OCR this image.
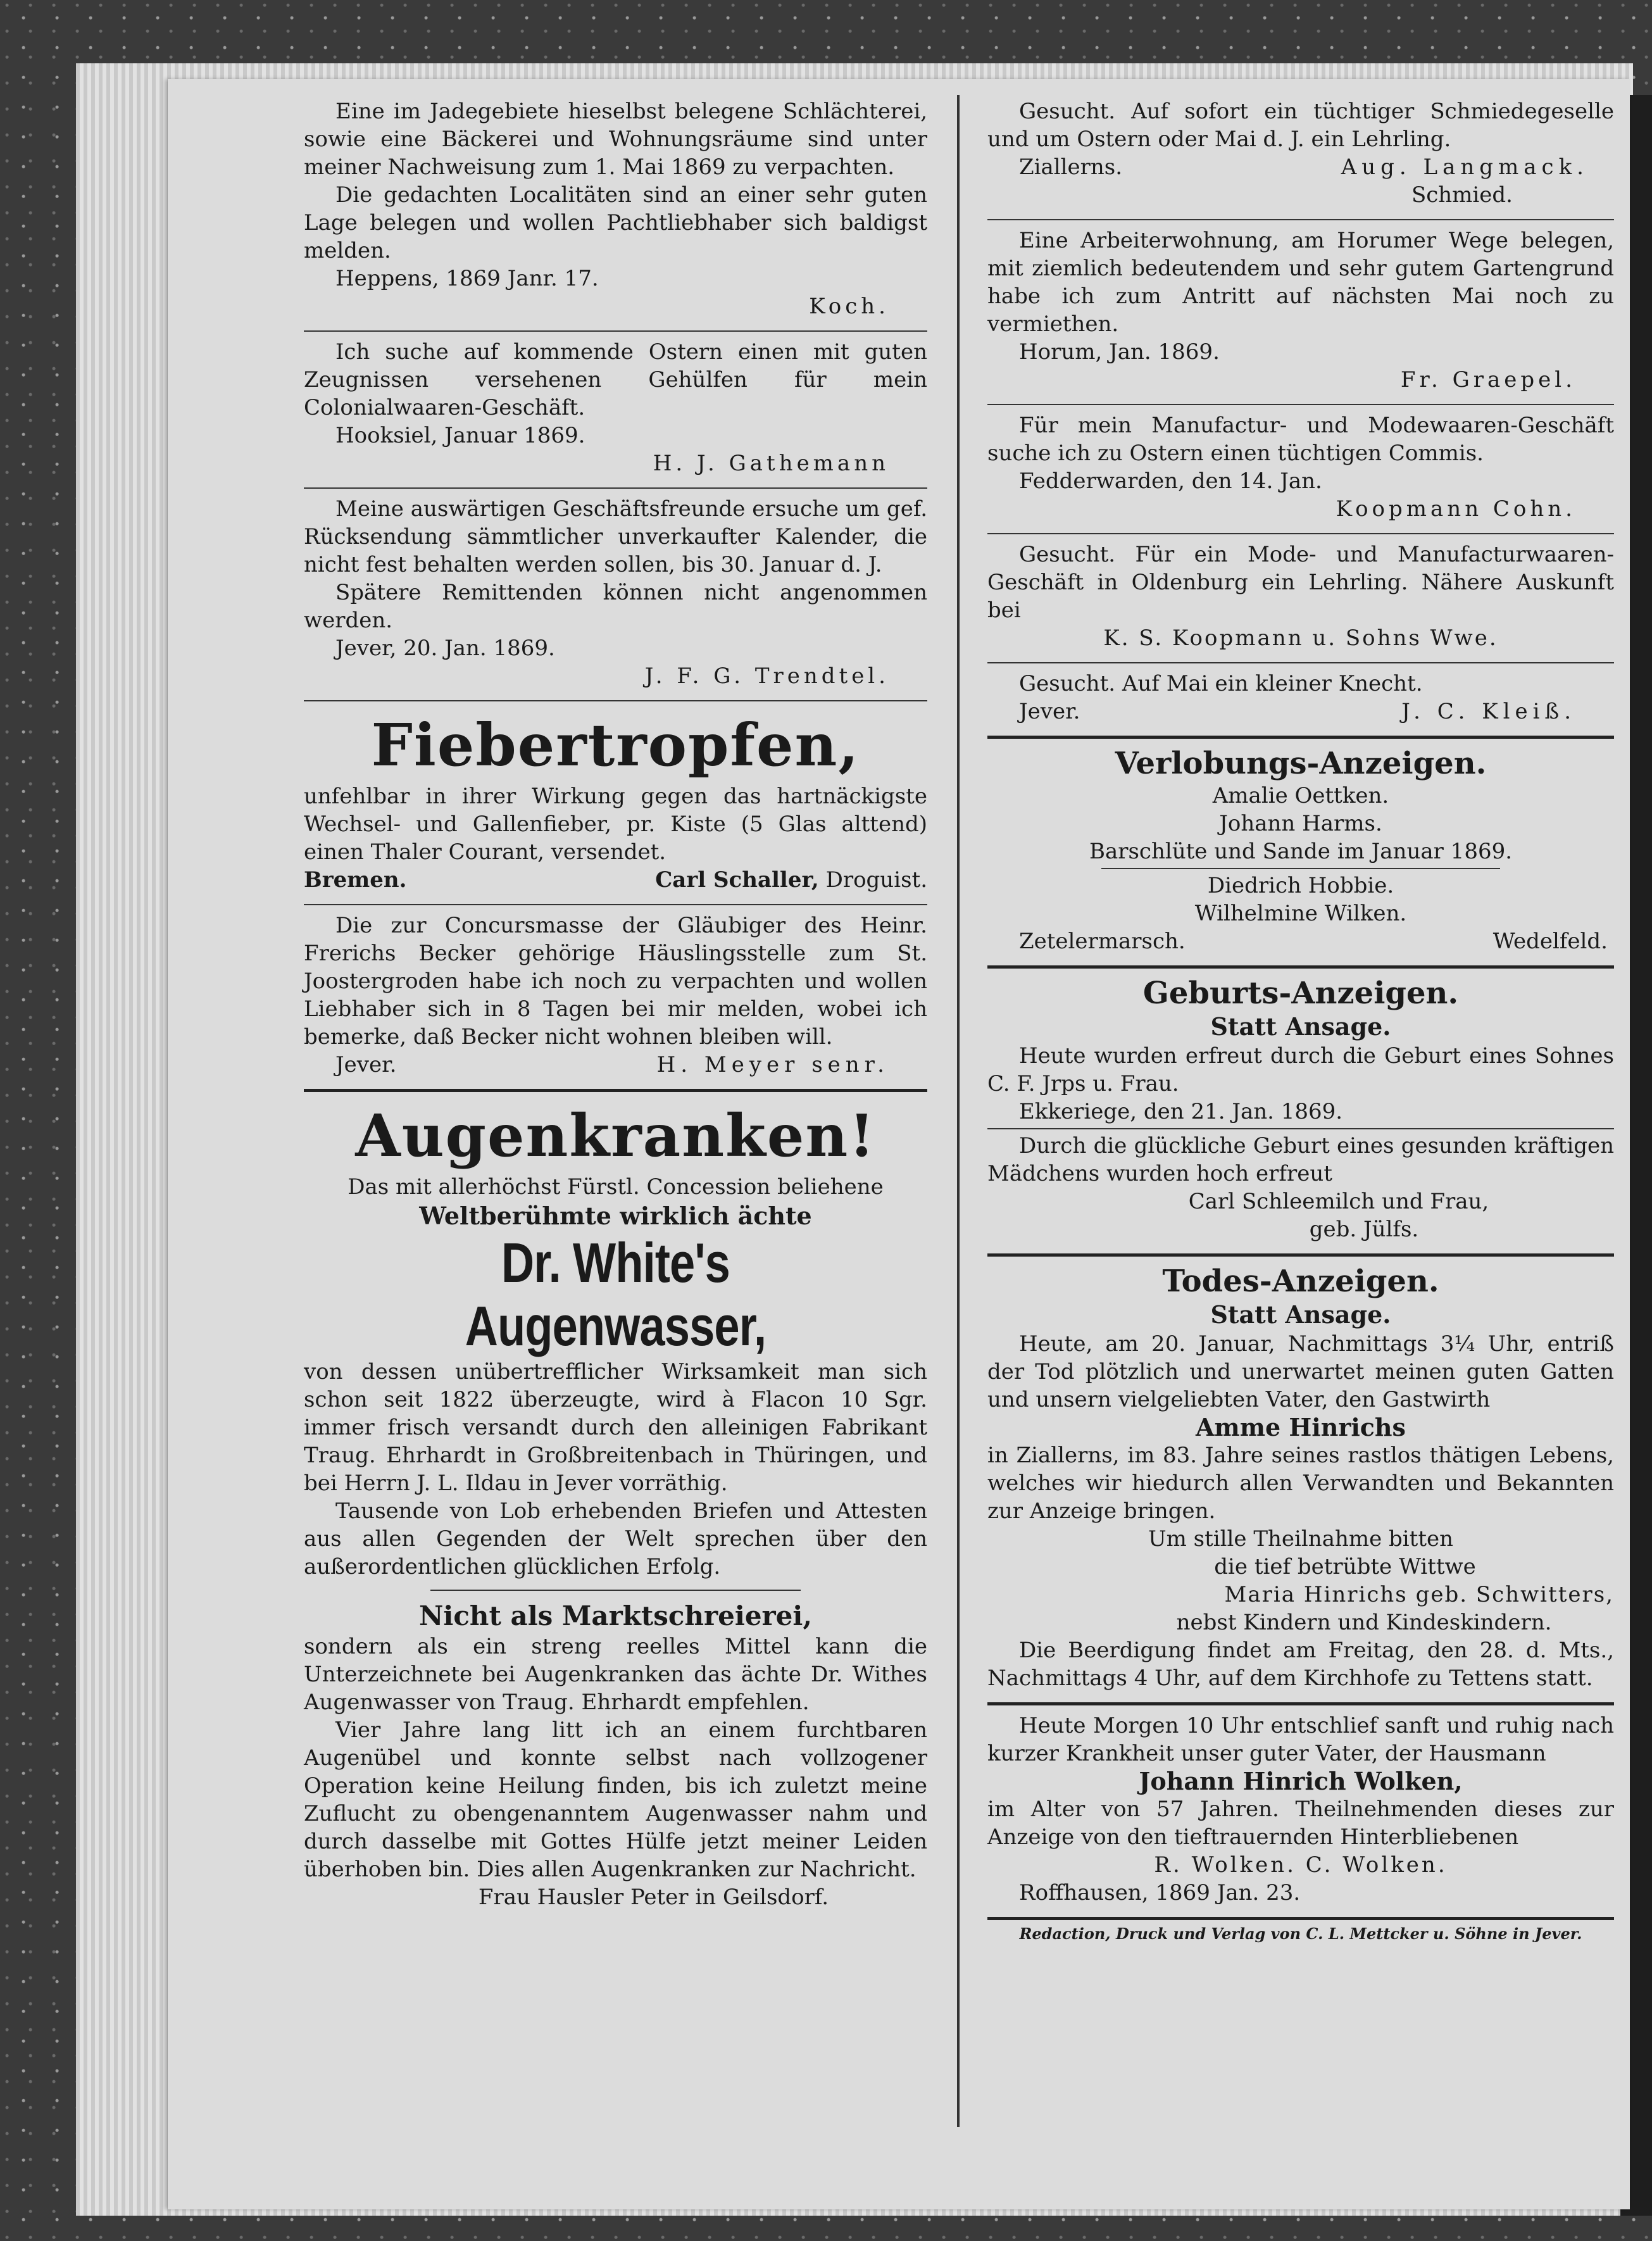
Eine im Jadegebiete hieselbst belegene Schlächterei, sowie eine Bäckerei und Wohnungsräume sind unter meiner Nachweisung zum 1. Mai 1869 zu verpachten.

Die gedachten Localitäten sind an einer sehr guten Lage belegen und wollen Pachtliebhaber sich baldigst melden.

Heppens, 1869 Janr. 17.

Koch.

Ich suche auf kommende Ostern einen mit guten Zeugnissen versehenen Gehülfen für mein Colonialwaaren-Geschäft.

Hooksiel, Januar 1869.

H. J. Gathemann

Meine auswärtigen Geschäftsfreunde ersuche um gef. Rücksendung sämmtlicher unverkaufter Kalender, die nicht fest behalten werden sollen, bis 30. Januar d. J.

Spätere Remittenden können nicht angenommen werden.

Jever, 20. Jan. 1869.

J. F. G. Trendtel.

Fiebertropfen,

unfehlbar in ihrer Wirkung gegen das hartnäckigste Wechsel- und Gallenfieber, pr. Kiste (5 Glas alttend) einen Thaler Courant, versendet.

Bremen.	Carl Schaller, Droguist.

Die zur Concursmasse der Gläubiger des Heinr. Frerichs Becker gehörige Häuslingsstelle zum St. Joostergroden habe ich noch zu verpachten und wollen Liebhaber sich in 8 Tagen bei mir melden, wobei ich bemerke, daß Becker nicht wohnen bleiben will.

Jever.	H. Meyer senr.

Augenkranken!

Das mit allerhöchst Fürstl. Concession beliehene

Weltberühmte wirklich ächte
Dr. White's Augenwasser,

von dessen unübertrefflicher Wirksamkeit man sich schon seit 1822 überzeugte, wird à Flacon 10 Sgr. immer frisch versandt durch den alleinigen Fabrikant Traug. Ehrhardt in Großbreitenbach in Thüringen, und bei Herrn J. L. Ildau in Jever vorräthig.

Tausende von Lob erhebenden Briefen und Attesten aus allen Gegenden der Welt sprechen über den außerordentlichen glücklichen Erfolg.

Nicht als Marktschreierei,

sondern als ein streng reelles Mittel kann die Unterzeichnete bei Augenkranken das ächte Dr. Withes Augenwasser von Traug. Ehrhardt empfehlen.

Vier Jahre lang litt ich an einem furchtbaren Augenübel und konnte selbst nach vollzogener Operation keine Heilung finden, bis ich zuletzt meine Zuflucht zu obengenanntem Augenwasser nahm und durch dasselbe mit Gottes Hülfe jetzt meiner Leiden überhoben bin. Dies allen Augenkranken zur Nachricht.

Frau Hausler Peter in Geilsdorf.

Gesucht. Auf sofort ein tüchtiger Schmiedegeselle und um Ostern oder Mai d. J. ein Lehrling.

Ziallerns.	Aug. Langmack.

Schmied.

Eine Arbeiterwohnung, am Horumer Wege belegen, mit ziemlich bedeutendem und sehr gutem Gartengrund habe ich zum Antritt auf nächsten Mai noch zu vermiethen.

Horum, Jan. 1869.

Fr. Graepel.

Für mein Manufactur- und Modewaaren-Geschäft suche ich zu Ostern einen tüchtigen Commis.

Fedderwarden, den 14. Jan.

Koopmann Cohn.

Gesucht. Für ein Mode- und Manufacturwaaren-Geschäft in Oldenburg ein Lehrling. Nähere Auskunft bei

K. S. Koopmann u. Sohns Wwe.

Gesucht. Auf Mai ein kleiner Knecht.

Jever.	J. C. Kleiß.

Verlobungs-Anzeigen.

Amalie Oettken.

Johann Harms.

Barschlüte und Sande im Januar 1869.

Diedrich Hobbie.

Wilhelmine Wilken.

Zetelermarsch.	Wedelfeld.

Geburts-Anzeigen.
Statt Ansage.

Heute wurden erfreut durch die Geburt eines Sohnes C. F. Jrps u. Frau.

Ekkeriege, den 21. Jan. 1869.

Durch die glückliche Geburt eines gesunden kräftigen Mädchens wurden hoch erfreut

Carl Schleemilch und Frau,

geb. Jülfs.

Todes-Anzeigen.
Statt Ansage.

Heute, am 20. Januar, Nachmittags 3¼ Uhr, entriß der Tod plötzlich und unerwartet meinen guten Gatten und unsern vielgeliebten Vater, den Gastwirth

Amme Hinrichs

in Ziallerns, im 83. Jahre seines rastlos thätigen Lebens, welches wir hiedurch allen Verwandten und Bekannten zur Anzeige bringen.

Um stille Theilnahme bitten

die tief betrübte Wittwe

Maria Hinrichs geb. Schwitters,

nebst Kindern und Kindeskindern.

Die Beerdigung findet am Freitag, den 28. d. Mts., Nachmittags 4 Uhr, auf dem Kirchhofe zu Tettens statt.

Heute Morgen 10 Uhr entschlief sanft und ruhig nach kurzer Krankheit unser guter Vater, der Hausmann

Johann Hinrich Wolken,

im Alter von 57 Jahren. Theilnehmenden dieses zur Anzeige von den tieftrauernden Hinterbliebenen

R. Wolken. C. Wolken.

Roffhausen, 1869 Jan. 23.

Redaction, Druck und Verlag von C. L. Mettcker u. Söhne in Jever.
